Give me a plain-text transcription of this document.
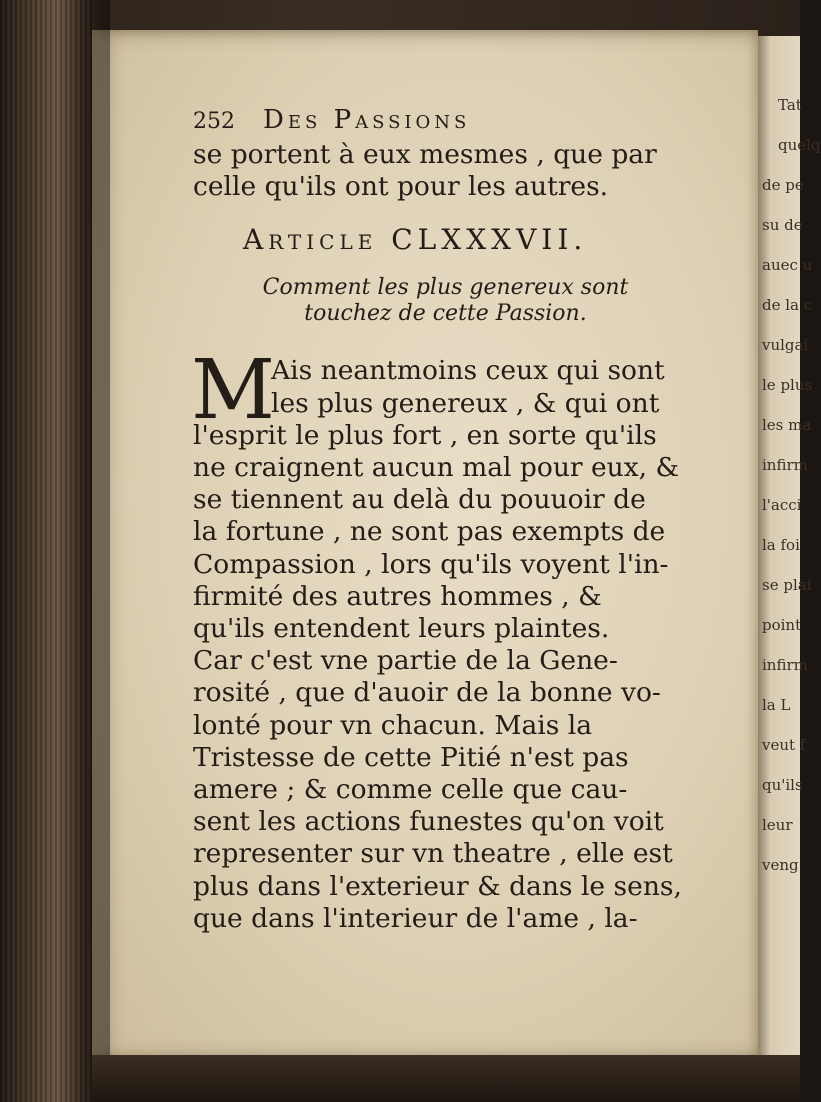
Tat
quelq
de pe
su de
auec u
de la c
vulgai
le plus
les ma
infirm
l'acci
la foi
se plai
point
infirm
la L
veut f
qu'ils
leur
veng
252	Des Passions
se portent à eux mesmes , que par
celle qu'ils ont pour les autres.
Article CLXXXVII.
Comment les plus genereux sont
touchez de cette Passion.
M
Ais neantmoins ceux qui sont
les plus genereux , & qui ont
l'esprit le plus fort , en sorte qu'ils
ne craignent aucun mal pour eux, &
se tiennent au delà du pouuoir de
la fortune , ne sont pas exempts de
Compassion , lors qu'ils voyent l'in-
firmité des autres hommes , &
qu'ils entendent leurs plaintes.
Car c'est vne partie de la Gene-
rosité , que d'auoir de la bonne vo-
lonté pour vn chacun. Mais la
Tristesse de cette Pitié n'est pas
amere ; & comme celle que cau-
sent les actions funestes qu'on voit
representer sur vn theatre , elle est
plus dans l'exterieur & dans le sens,
que dans l'interieur de l'ame , la-
